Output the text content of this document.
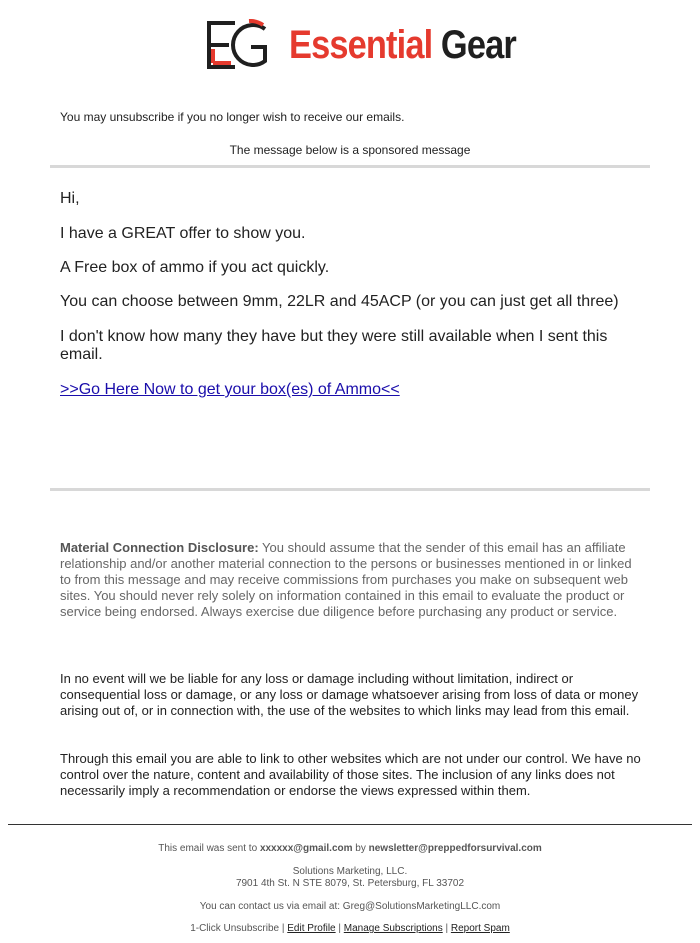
Essential Gear
You may unsubscribe if you no longer wish to receive our emails.
The message below is a sponsored message
Hi,
I have a GREAT offer to show you.
A Free box of ammo if you act quickly.
You can choose between 9mm, 22LR and 45ACP (or you can just get all three)
I don't know how many they have but they were still available when I sent this email.
>>Go Here Now to get your box(es) of Ammo<<
Material Connection Disclosure: You should assume that the sender of this email has an affiliate relationship and/or another material connection to the persons or businesses mentioned in or linked to from this message and may receive commissions from purchases you make on subsequent web sites. You should never rely solely on information contained in this email to evaluate the product or service being endorsed. Always exercise due diligence before purchasing any product or service.
In no event will we be liable for any loss or damage including without limitation, indirect or consequential loss or damage, or any loss or damage whatsoever arising from loss of data or money arising out of, or in connection with, the use of the websites to which links may lead from this email.
Through this email you are able to link to other websites which are not under our control. We have no control over the nature, content and availability of those sites. The inclusion of any links does not necessarily imply a recommendation or endorse the views expressed within them.
This email was sent to xxxxxx@gmail.com by newsletter@preppedforsurvival.com
Solutions Marketing, LLC.
7901 4th St. N STE 8079, St. Petersburg, FL 33702
You can contact us via email at: Greg@SolutionsMarketingLLC.com
1-Click Unsubscribe | Edit Profile | Manage Subscriptions | Report Spam
